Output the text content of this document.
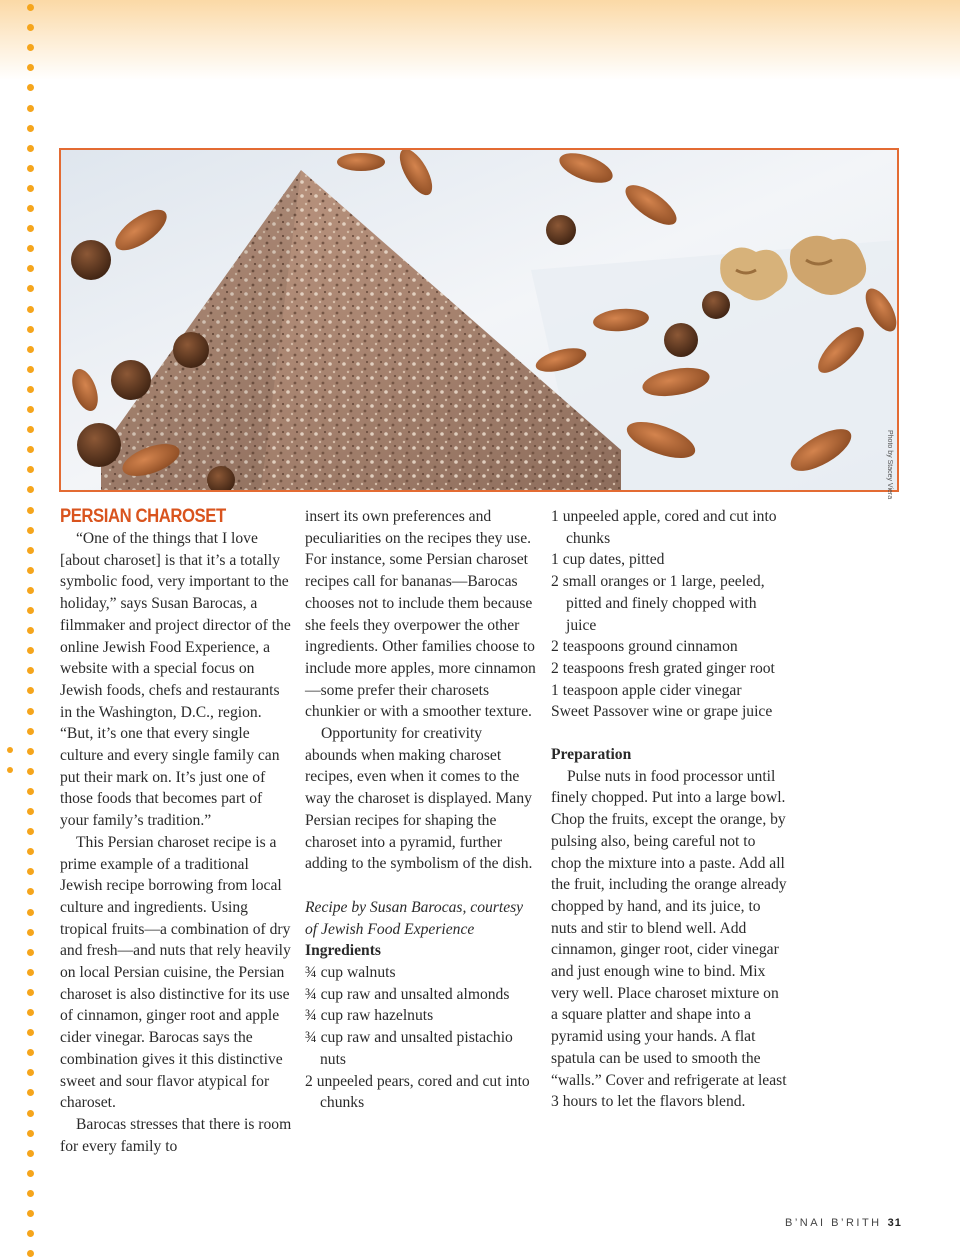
Photo by Stacey Viera

PERSIAN CHAROSET

“One of the things that I love [about charoset] is that it’s a totally symbolic food, very important to the holiday,” says Susan Barocas, a filmmaker and project director of the online Jewish Food Experience, a website with a special focus on Jewish foods, chefs and restaurants in the Washington, D.C., region. “But, it’s one that every single culture and every single family can put their mark on. It’s just one of those foods that becomes part of your family’s tradition.”

This Persian charoset recipe is a prime example of a traditional Jewish recipe borrowing from local culture and ingredients. Using tropical fruits—a combination of dry and fresh—and nuts that rely heavily on local Persian cuisine, the Persian charoset is also distinctive for its use of cinnamon, ginger root and apple cider vinegar. Barocas says the combination gives it this distinctive sweet and sour flavor atypical for charoset.

Barocas stresses that there is room for every family to

insert its own preferences and peculiarities on the recipes they use. For instance, some Persian charoset recipes call for bananas—Barocas chooses not to include them because she feels they overpower the other ingredients. Other families choose to include more apples, more cinnamon—some prefer their charosets chunkier or with a smoother texture.

Opportunity for creativity abounds when making charoset recipes, even when it comes to the way the charoset is displayed. Many Persian recipes for shaping the charoset into a pyramid, further adding to the symbolism of the dish.

Recipe by Susan Barocas, courtesy of Jewish Food Experience

Ingredients

¾ cup walnuts

¾ cup raw and unsalted almonds

¾ cup raw hazelnuts

¾ cup raw and unsalted pistachio nuts

2 unpeeled pears, cored and cut into chunks

1 unpeeled apple, cored and cut into chunks

1 cup dates, pitted

2 small oranges or 1 large, peeled, pitted and finely chopped with juice

2 teaspoons ground cinnamon

2 teaspoons fresh grated ginger root

1 teaspoon apple cider vinegar

Sweet Passover wine or grape juice

Preparation

Pulse nuts in food processor until finely chopped. Put into a large bowl. Chop the fruits, except the orange, by pulsing also, being careful not to chop the mixture into a paste. Add all the fruit, including the orange already chopped by hand, and its juice, to nuts and stir to blend well. Add cinnamon, ginger root, cider vinegar and just enough wine to bind. Mix very well. Place charoset mixture on a square platter and shape into a pyramid using your hands. A flat spatula can be used to smooth the “walls.” Cover and refrigerate at least 3 hours to let the flavors blend.

B’NAI B’RITH 31
